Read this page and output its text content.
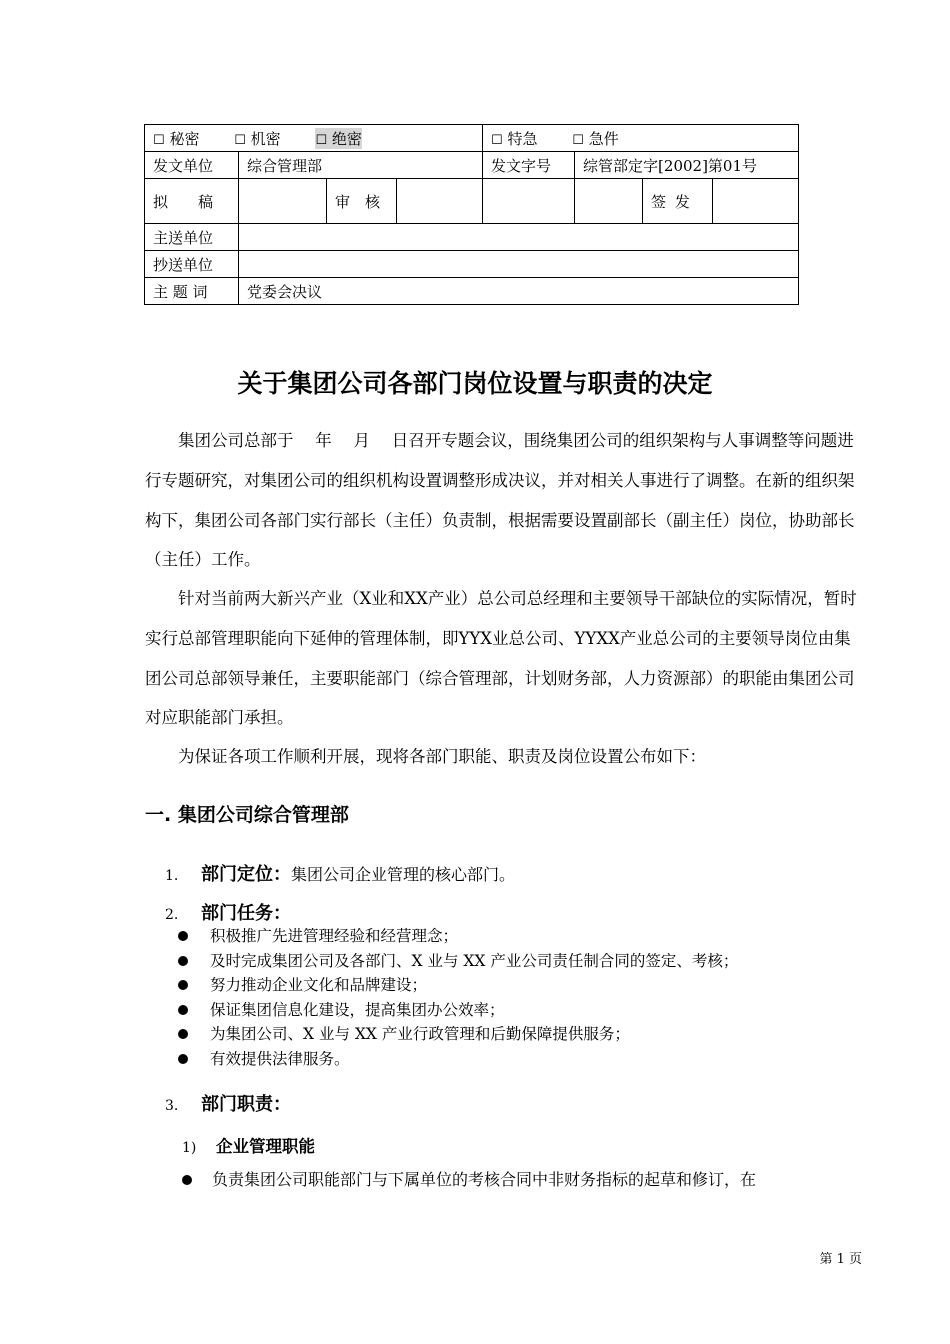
☐ 秘密 ☐ 机密 ☐ 绝密				☐ 特急 ☐ 急件			
发文单位	综合管理部			发文字号	综管部定字[2002]第01号		
拟　　稿		审　核				签 发	
主送单位							
抄送单位							
主 题 词	党委会决议						
关于集团公司各部门岗位设置与职责的决定

集团公司总部于　 年　 月　 日召开专题会议，围绕集团公司的组织架构与人事调整等问题进行专题研究，对集团公司的组织机构设置调整形成决议，并对相关人事进行了调整。在新的组织架构下，集团公司各部门实行部长（主任）负责制，根据需要设置副部长（副主任）岗位，协助部长（主任）工作。

针对当前两大新兴产业（X业和XX产业）总公司总经理和主要领导干部缺位的实际情况，暂时实行总部管理职能向下延伸的管理体制，即YYX业总公司、YYXX产业总公司的主要领导岗位由集团公司总部领导兼任，主要职能部门（综合管理部，计划财务部，人力资源部）的职能由集团公司对应职能部门承担。

为保证各项工作顺利开展，现将各部门职能、职责及岗位设置公布如下：

一. 集团公司综合管理部
1. 部门定位：集团公司企业管理的核心部门。
2. 部门任务：
积极推广先进管理经验和经营理念；
及时完成集团公司及各部门、X 业与 XX 产业公司责任制合同的签定、考核；
努力推动企业文化和品牌建设；
保证集团信息化建设，提高集团办公效率；
为集团公司、X 业与 XX 产业行政管理和后勤保障提供服务；
有效提供法律服务。
3. 部门职责：
1) 企业管理职能
负责集团公司职能部门与下属单位的考核合同中非财务指标的起草和修订，在
第 1 页
